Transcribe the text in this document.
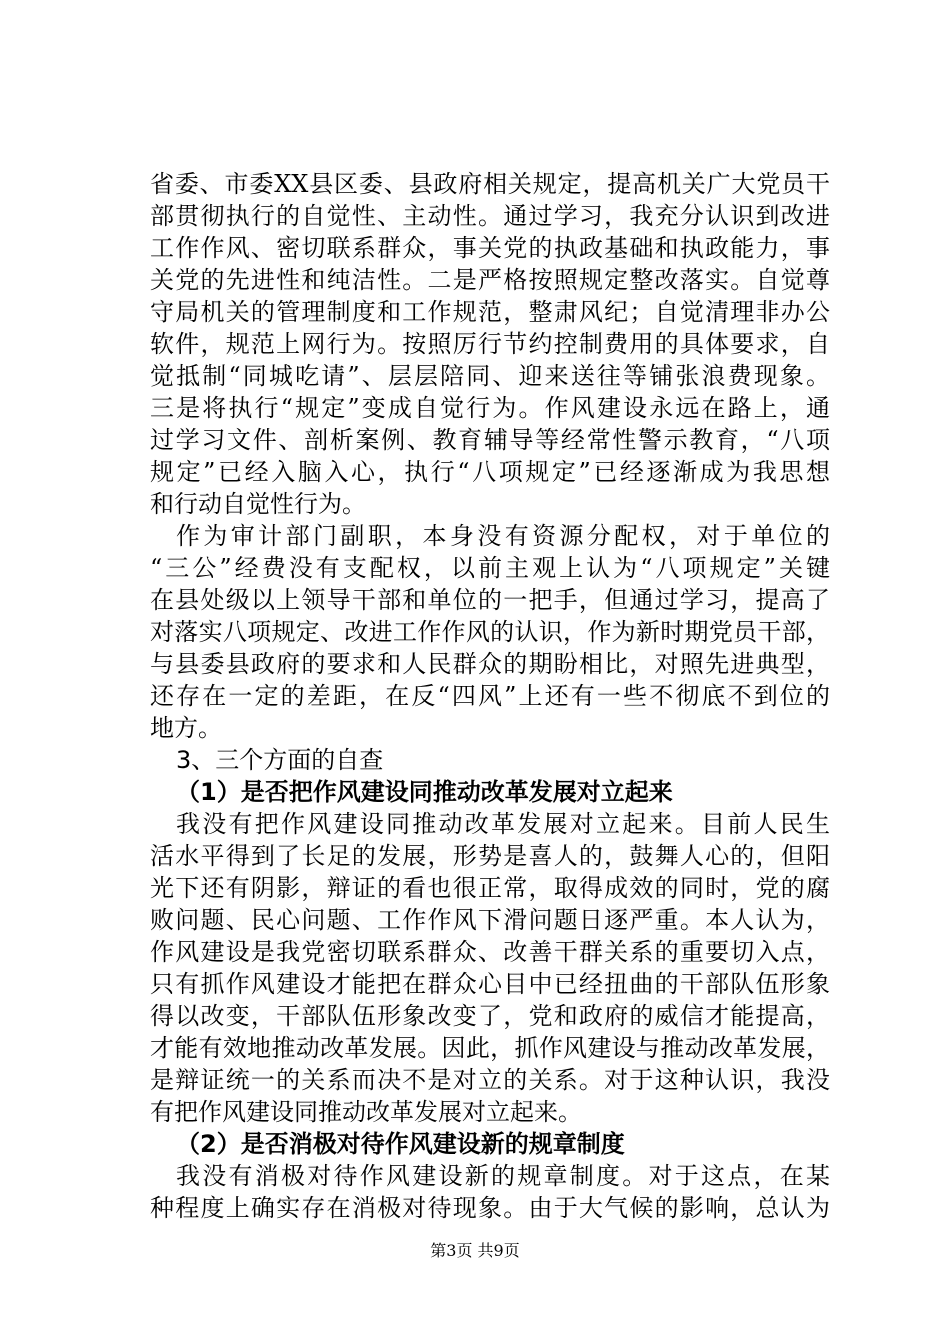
省委、市委XX县区委、县政府相关规定，提高机关广大党员干
部贯彻执行的自觉性、主动性。通过学习，我充分认识到改进
工作作风、密切联系群众，事关党的执政基础和执政能力，事
关党的先进性和纯洁性。二是严格按照规定整改落实。自觉尊
守局机关的管理制度和工作规范，整肃风纪；自觉清理非办公
软件，规范上网行为。按照厉行节约控制费用的具体要求，自
觉抵制“同城吃请”、层层陪同、迎来送往等铺张浪费现象。
三是将执行“规定”变成自觉行为。作风建设永远在路上，通
过学习文件、剖析案例、教育辅导等经常性警示教育，“八项
规定”已经入脑入心，执行“八项规定”已经逐渐成为我思想
和行动自觉性行为。
作为审计部门副职，本身没有资源分配权，对于单位的
“三公”经费没有支配权，以前主观上认为“八项规定”关键
在县处级以上领导干部和单位的一把手，但通过学习，提高了
对落实八项规定、改进工作作风的认识，作为新时期党员干部，
与县委县政府的要求和人民群众的期盼相比，对照先进典型，
还存在一定的差距，在反“四风”上还有一些不彻底不到位的
地方。
3、三个方面的自查
（1）是否把作风建设同推动改革发展对立起来
我没有把作风建设同推动改革发展对立起来。目前人民生
活水平得到了长足的发展，形势是喜人的，鼓舞人心的，但阳
光下还有阴影，辩证的看也很正常，取得成效的同时，党的腐
败问题、民心问题、工作作风下滑问题日逐严重。本人认为，
作风建设是我党密切联系群众、改善干群关系的重要切入点，
只有抓作风建设才能把在群众心目中已经扭曲的干部队伍形象
得以改变，干部队伍形象改变了，党和政府的威信才能提高，
才能有效地推动改革发展。因此，抓作风建设与推动改革发展，
是辩证统一的关系而决不是对立的关系。对于这种认识，我没
第3页 共9页
有把作风建设同推动改革发展对立起来。
（2）是否消极对待作风建设新的规章制度
我没有消极对待作风建设新的规章制度。对于这点，在某
种程度上确实存在消极对待现象。由于大气候的影响，总认为
